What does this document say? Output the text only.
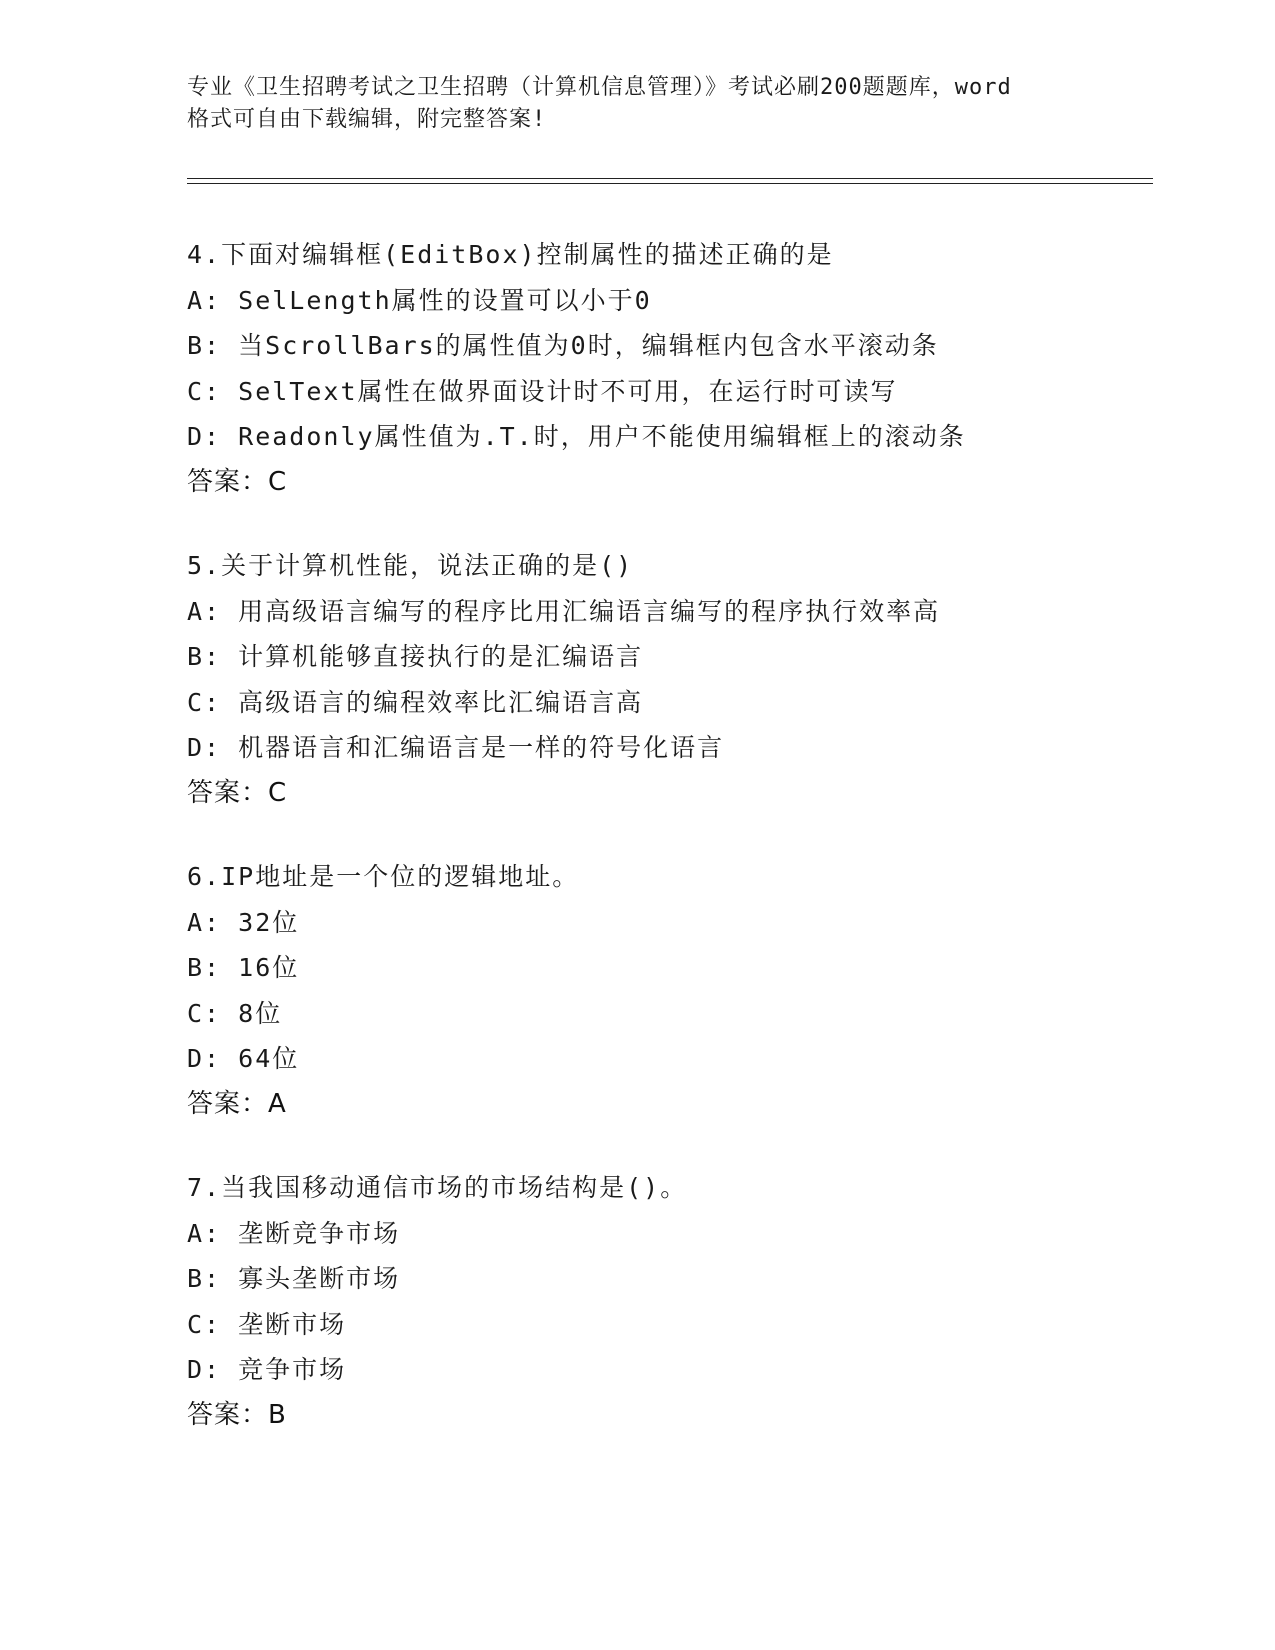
专业《卫生招聘考试之卫生招聘（计算机信息管理）》考试必刷200题题库，word
格式可自由下载编辑，附完整答案!
4.下面对编辑框(EditBox)控制属性的描述正确的是
A: SelLength属性的设置可以小于0
B: 当ScrollBars的属性值为0时，编辑框内包含水平滚动条
C: SelText属性在做界面设计时不可用，在运行时可读写
D: Readonly属性值为.T.时，用户不能使用编辑框上的滚动条
答案：C
5.关于计算机性能，说法正确的是()
A: 用高级语言编写的程序比用汇编语言编写的程序执行效率高
B: 计算机能够直接执行的是汇编语言
C: 高级语言的编程效率比汇编语言高
D: 机器语言和汇编语言是一样的符号化语言
答案：C
6.IP地址是一个位的逻辑地址。
A: 32位
B: 16位
C: 8位
D: 64位
答案：A
7.当我国移动通信市场的市场结构是()。
A: 垄断竞争市场
B: 寡头垄断市场
C: 垄断市场
D: 竞争市场
答案：B
